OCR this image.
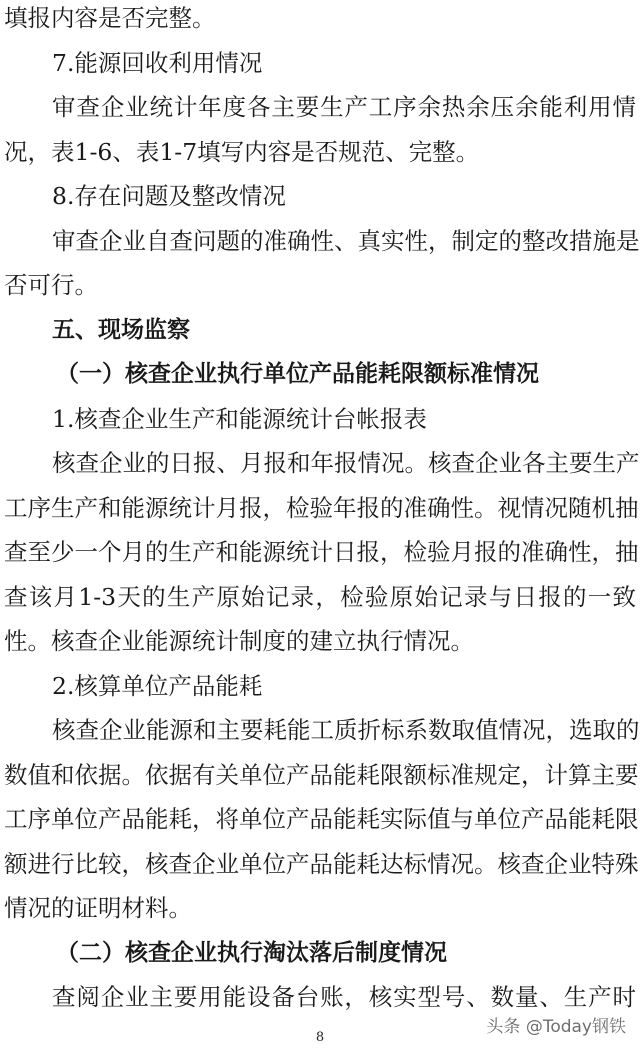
填报内容是否完整。
7.能源回收利用情况
审查企业统计年度各主要生产工序余热余压余能利用情
况，表1-6、表1-7填写内容是否规范、完整。
8.存在问题及整改情况
审查企业自查问题的准确性、真实性，制定的整改措施是
否可行。
五、现场监察
（一）核查企业执行单位产品能耗限额标准情况
1.核查企业生产和能源统计台帐报表
核查企业的日报、月报和年报情况。核查企业各主要生产
工序生产和能源统计月报，检验年报的准确性。视情况随机抽
查至少一个月的生产和能源统计日报，检验月报的准确性，抽
查该月1-3天的生产原始记录，检验原始记录与日报的一致
性。核查企业能源统计制度的建立执行情况。
2.核算单位产品能耗
核查企业能源和主要耗能工质折标系数取值情况，选取的
数值和依据。依据有关单位产品能耗限额标准规定，计算主要
工序单位产品能耗，将单位产品能耗实际值与单位产品能耗限
额进行比较，核查企业单位产品能耗达标情况。核查企业特殊
情况的证明材料。
（二）核查企业执行淘汰落后制度情况
查阅企业主要用能设备台账，核实型号、数量、生产时
头条 @Today钢铁
8
